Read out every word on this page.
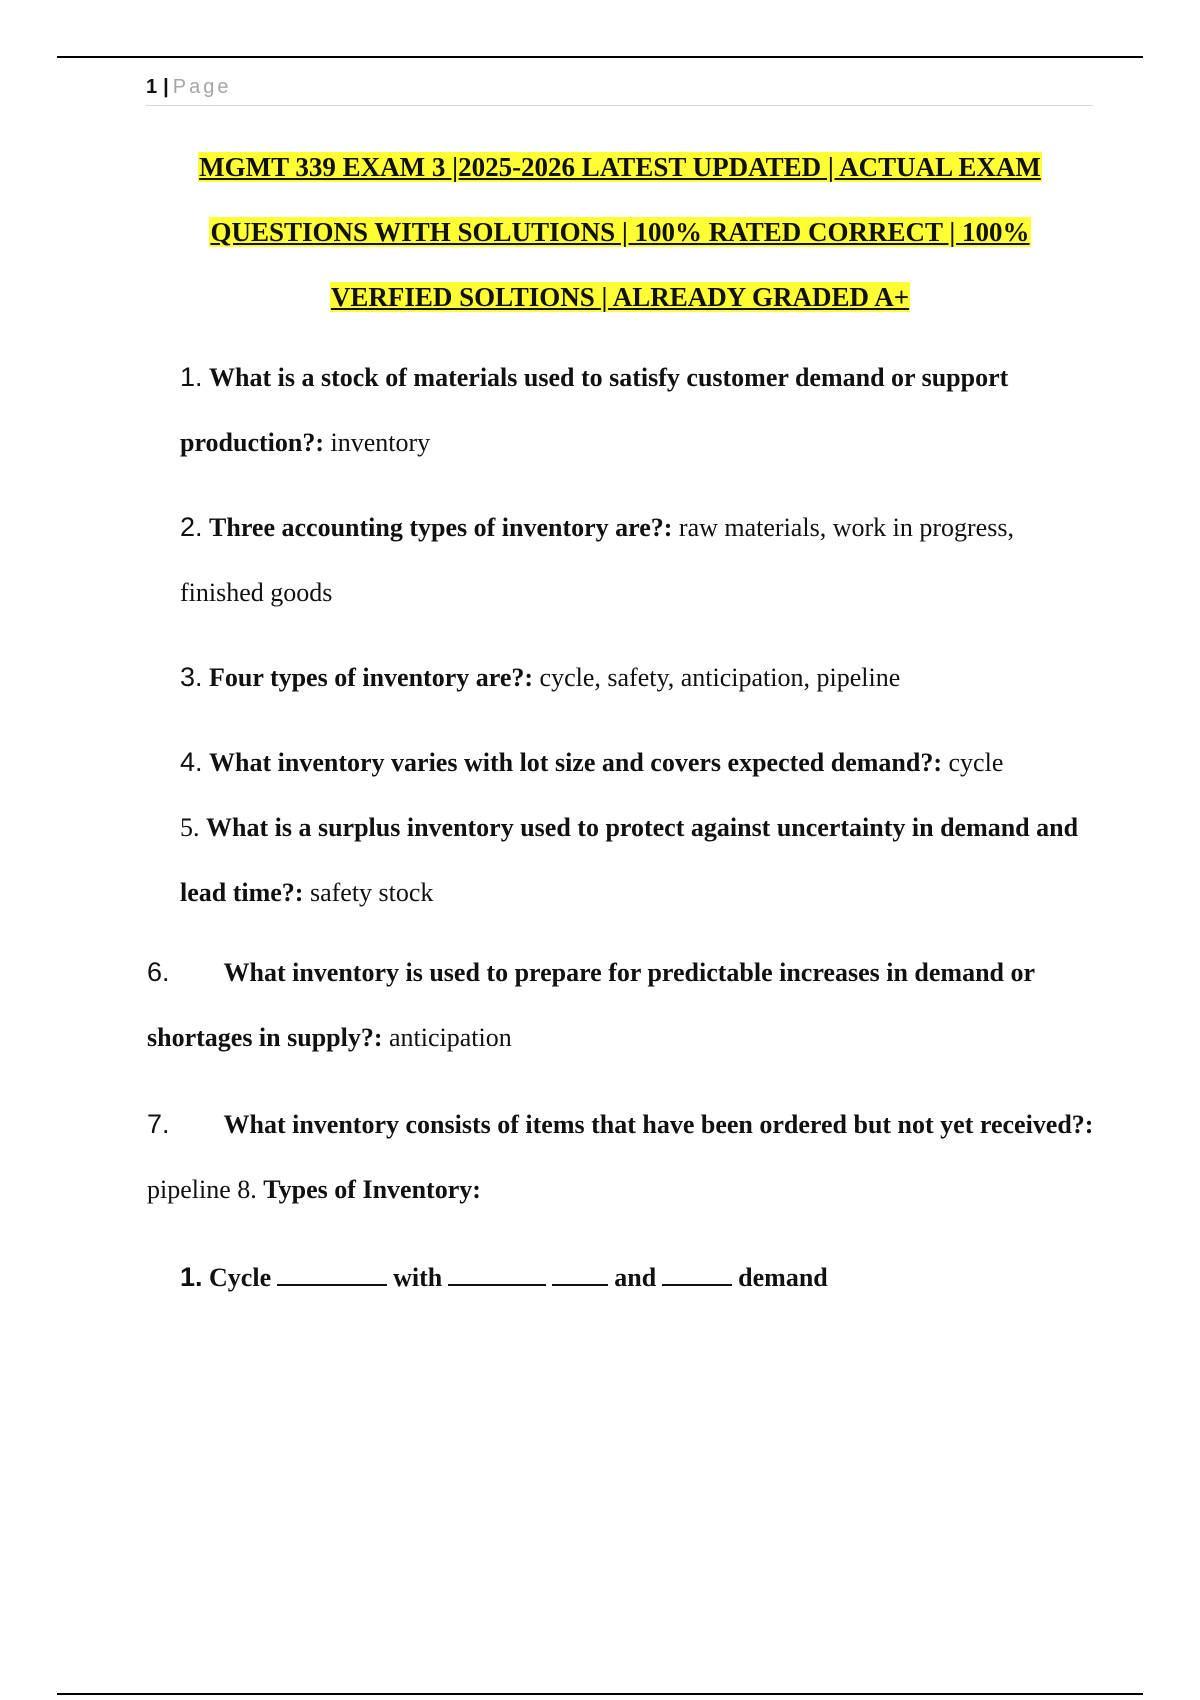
1 | Page
MGMT 339 EXAM 3 |2025-2026 LATEST UPDATED | ACTUAL EXAM
QUESTIONS WITH SOLUTIONS | 100% RATED CORRECT | 100%
VERFIED SOLTIONS | ALREADY GRADED A+
1. What is a stock of materials used to satisfy customer demand or support production?: inventory
2. Three accounting types of inventory are?: raw materials, work in progress, finished goods
3. Four types of inventory are?: cycle, safety, anticipation, pipeline
4. What inventory varies with lot size and covers expected demand?: cycle
5. What is a surplus inventory used to protect against uncertainty in demand and lead time?: safety stock
6. What inventory is used to prepare for predictable increases in demand or shortages in supply?: anticipation
7. What inventory consists of items that have been ordered but not yet received?: pipeline 8. Types of Inventory:
1. Cycle	with	and	demand
